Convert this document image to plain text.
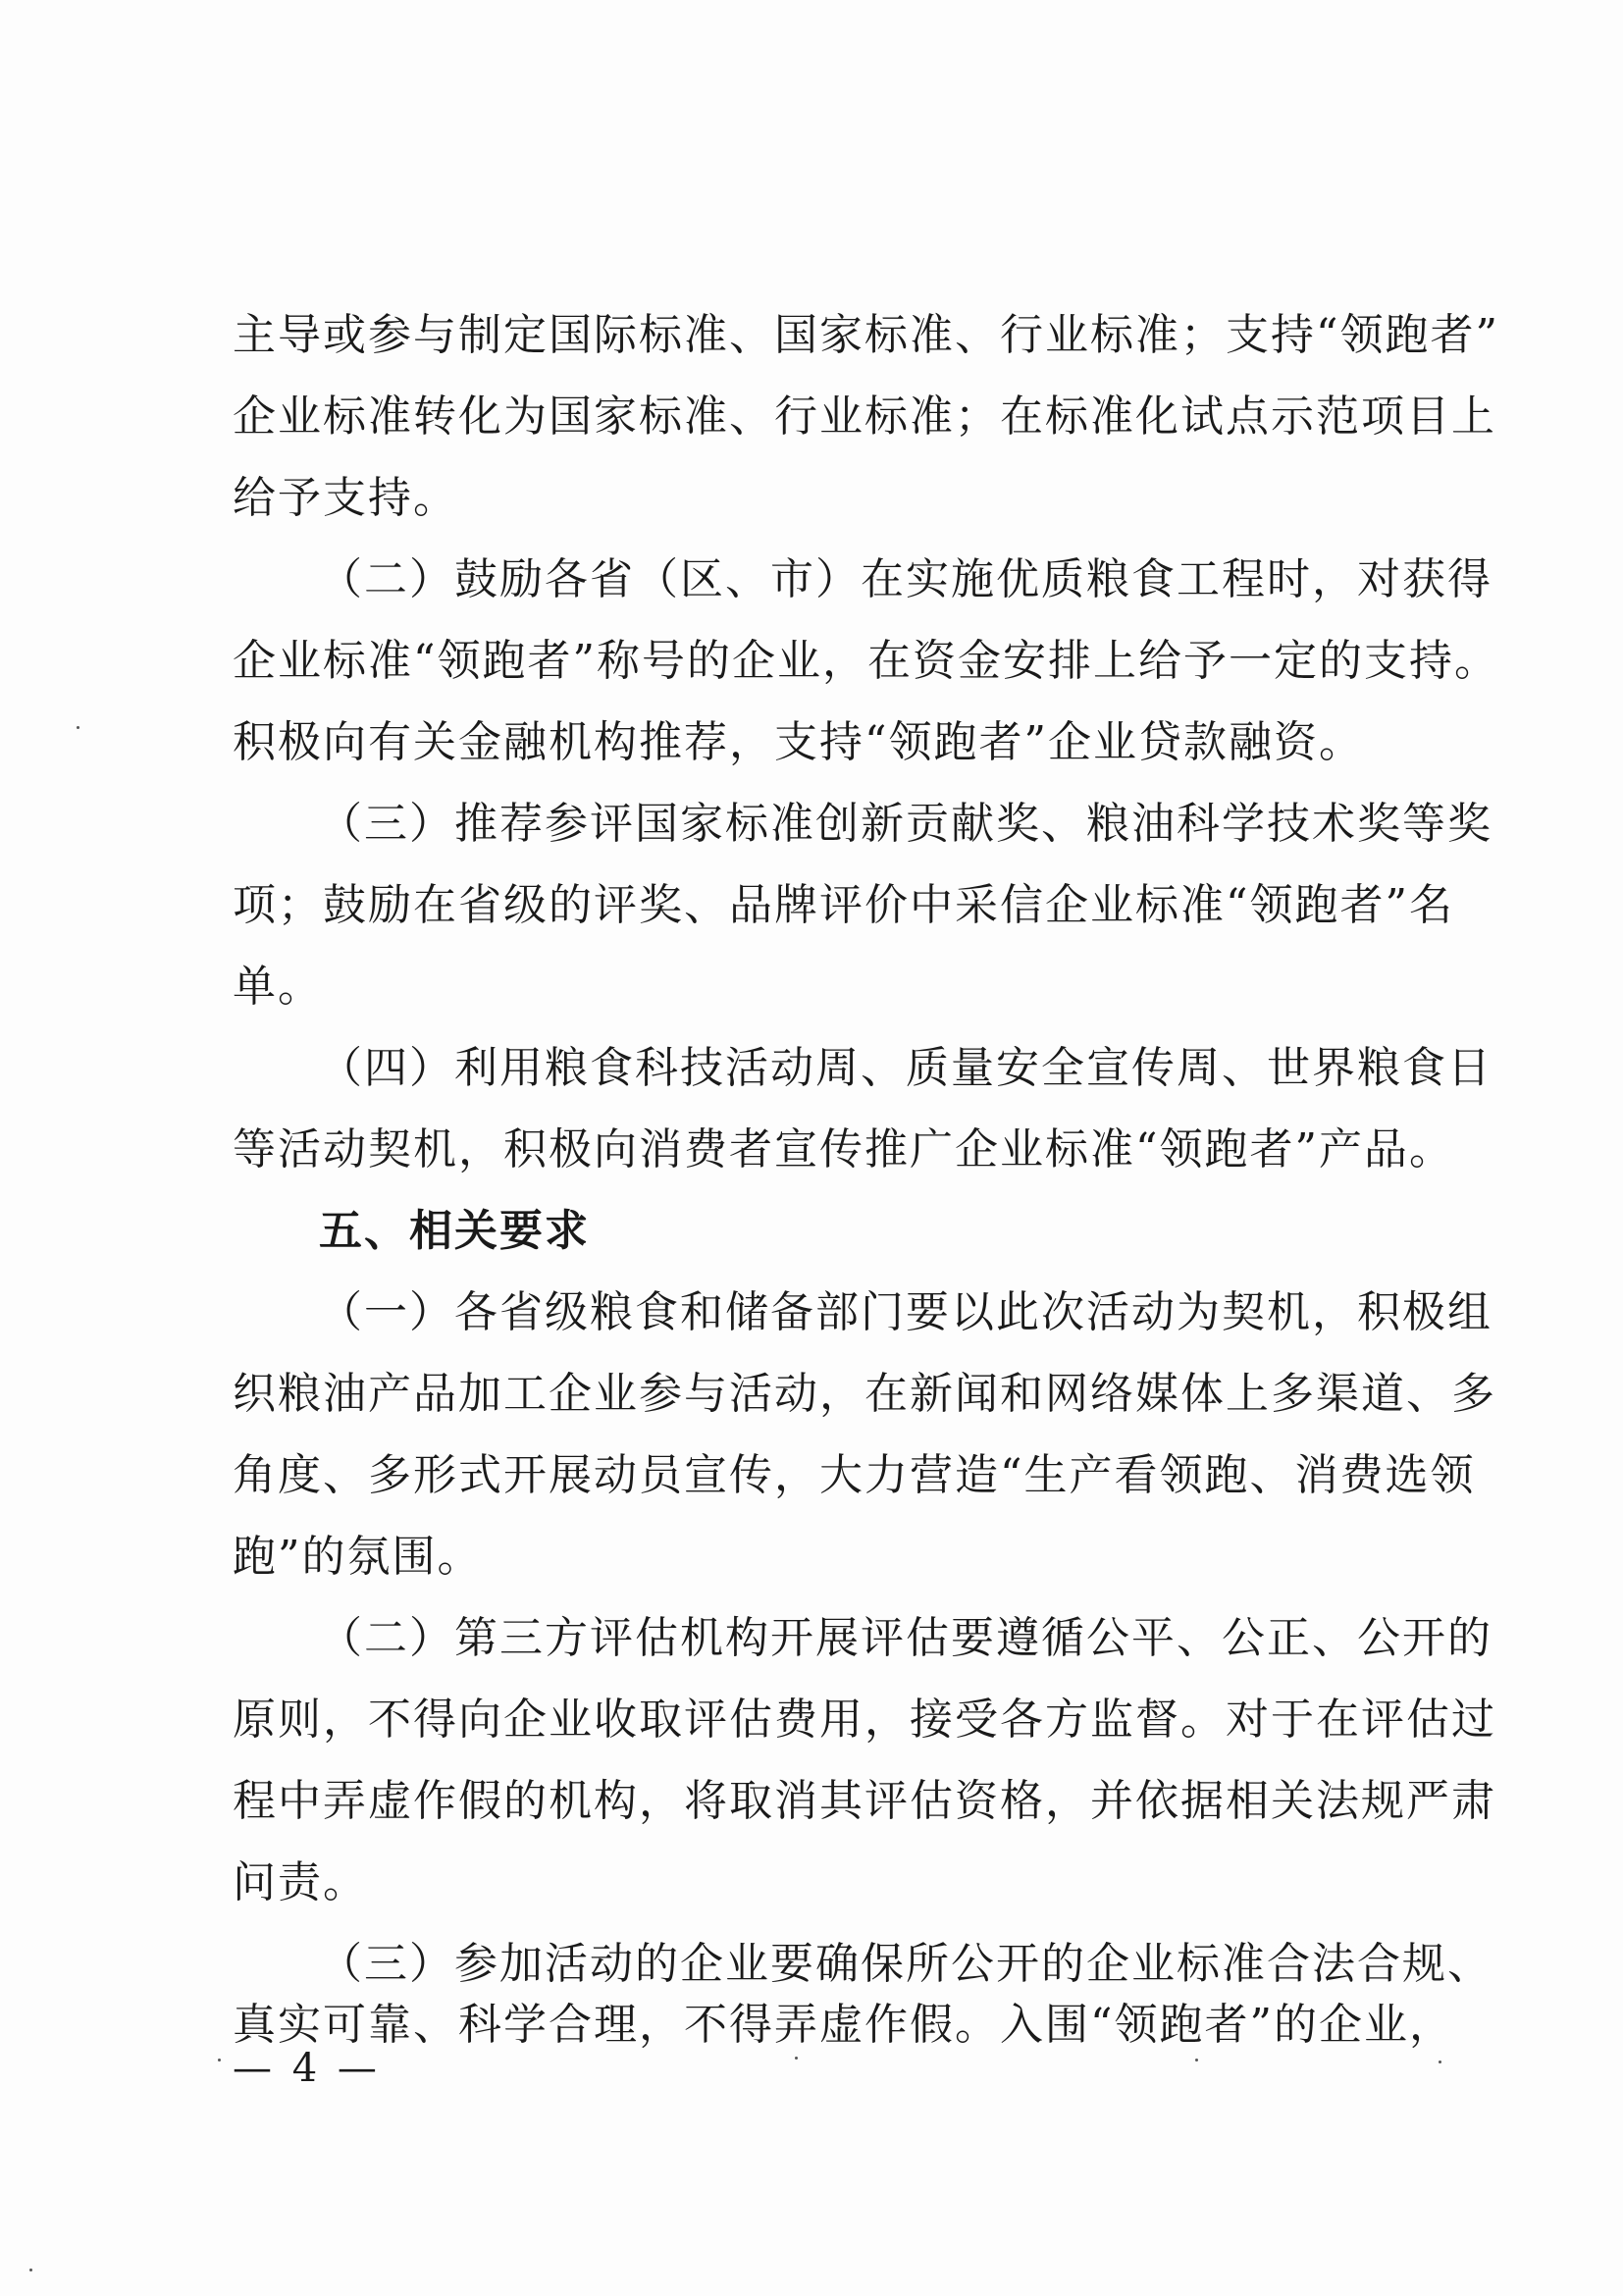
主导或参与制定国际标准、国家标准、行业标准；支持“领跑者”
企业标准转化为国家标准、行业标准；在标准化试点示范项目上
给予支持。
（二）鼓励各省（区、市）在实施优质粮食工程时，对获得
企业标准“领跑者”称号的企业，在资金安排上给予一定的支持。
积极向有关金融机构推荐，支持“领跑者”企业贷款融资。
（三）推荐参评国家标准创新贡献奖、粮油科学技术奖等奖
项；鼓励在省级的评奖、品牌评价中采信企业标准“领跑者”名
单。
（四）利用粮食科技活动周、质量安全宣传周、世界粮食日
等活动契机，积极向消费者宣传推广企业标准“领跑者”产品。
五、相关要求
（一）各省级粮食和储备部门要以此次活动为契机，积极组
织粮油产品加工企业参与活动，在新闻和网络媒体上多渠道、多
角度、多形式开展动员宣传，大力营造“生产看领跑、消费选领
跑”的氛围。
（二）第三方评估机构开展评估要遵循公平、公正、公开的
原则，不得向企业收取评估费用，接受各方监督。对于在评估过
程中弄虚作假的机构，将取消其评估资格，并依据相关法规严肃
问责。
（三）参加活动的企业要确保所公开的企业标准合法合规、
真实可靠、科学合理，不得弄虚作假。入围“领跑者”的企业，
— 4 —
